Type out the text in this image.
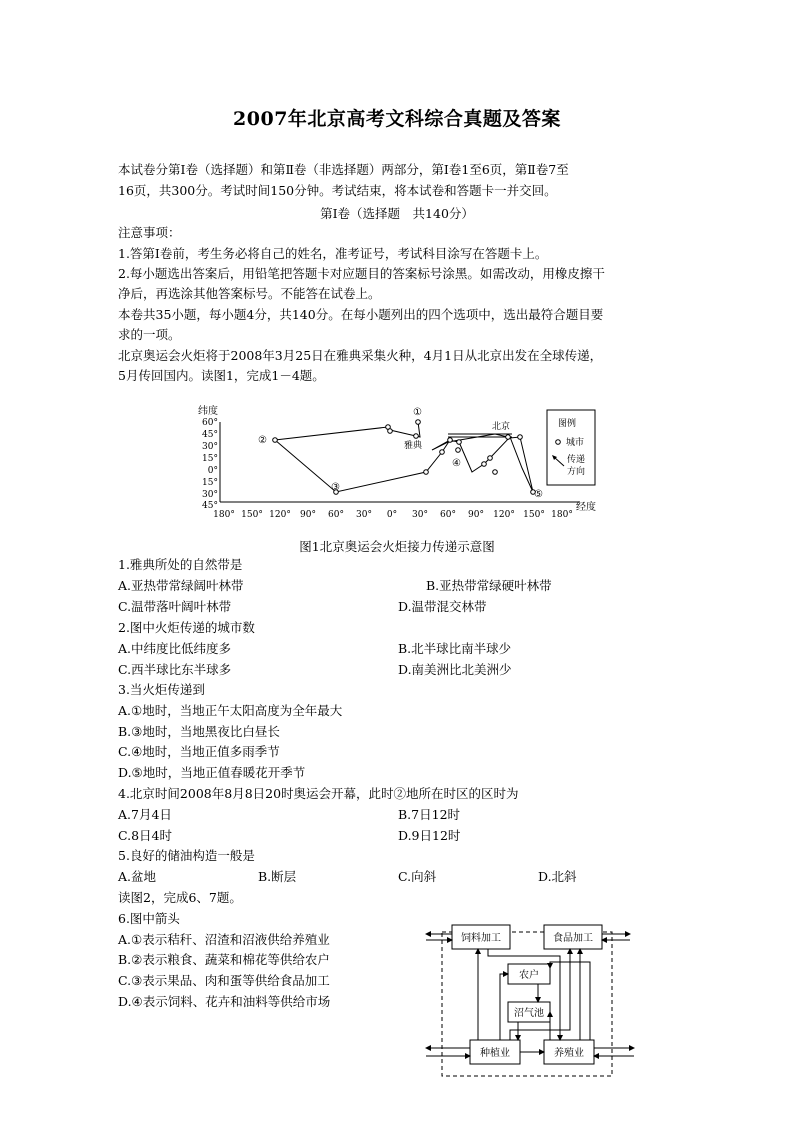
2007年北京高考文科综合真题及答案
本试卷分第Ⅰ卷（选择题）和第Ⅱ卷（非选择题）两部分，第Ⅰ卷1至6页，第Ⅱ卷7至
16页，共300分。考试时间150分钟。考试结束，将本试卷和答题卡一并交回。
第Ⅰ卷（选择题　共140分）
注意事项：
1.答第Ⅰ卷前，考生务必将自己的姓名，准考证号，考试科目涂写在答题卡上。
2.每小题选出答案后，用铅笔把答题卡对应题目的答案标号涂黑。如需改动，用橡皮擦干
净后，再选涂其他答案标号。不能答在试卷上。
本卷共35小题，每小题4分，共140分。在每小题列出的四个选项中，选出最符合题目要
求的一项。
北京奥运会火炬将于2008年3月25日在雅典采集火种，4月1日从北京出发在全球传递，
5月传回国内。读图1，完成1－4题。
纬度
经度
60°
45°
30°
15°
0°
15°
30°
45°
180° 150° 120° 90° 60° 30° 0° 30° 60° 90° 120° 150° 180°
①
②
③
④
⑤
雅典
北京	图例
城市
传递
方向
图1北京奥运会火炬接力传递示意图
1.雅典所处的自然带是
A.亚热带常绿阔叶林带	B.亚热带常绿硬叶林带
C.温带落叶阔叶林带	D.温带混交林带
2.图中火炬传递的城市数
A.中纬度比低纬度多	B.北半球比南半球少
C.西半球比东半球多	D.南美洲比北美洲少
3.当火炬传递到
A.①地时，当地正午太阳高度为全年最大
B.③地时，当地黑夜比白昼长
C.④地时，当地正值多雨季节
D.⑤地时，当地正值春暖花开季节
4.北京时间2008年8月8日20时奥运会开幕，此时②地所在时区的区时为
A.7月4日	B.7日12时
C.8日4时	D.9日12时
5.良好的储油构造一般是
A.盆地	B.断层	C.向斜	D.北斜
读图2，完成6、7题。
6.图中箭头
A.①表示秸秆、沼渣和沼液供给养殖业
B.②表示粮食、蔬菜和棉花等供给农户
C.③表示果品、肉和蛋等供给食品加工
D.④表示饲料、花卉和油料等供给市场
饲料加工	食品加工
农户
沼气池
种植业	养殖业
